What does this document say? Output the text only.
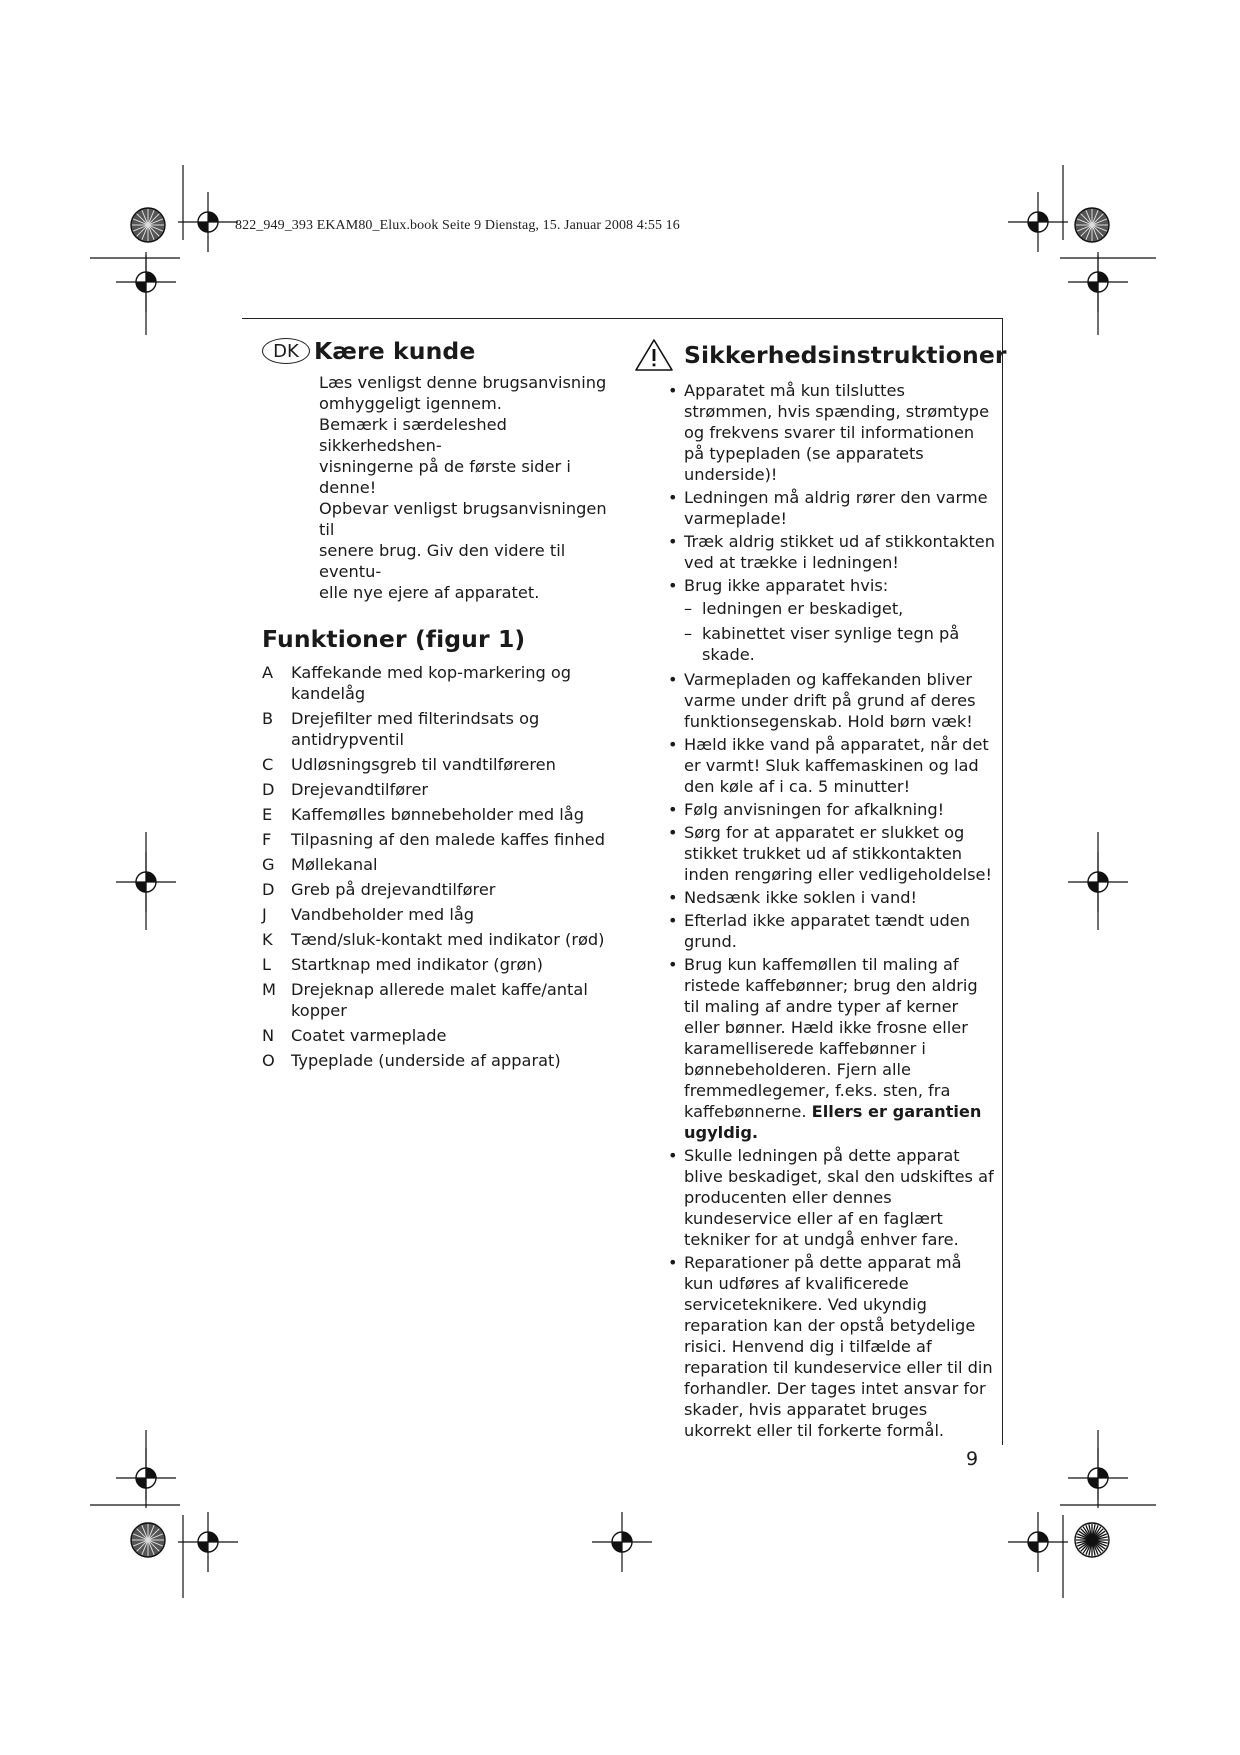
822_949_393 EKAM80_Elux.book Seite 9 Dienstag, 15. Januar 2008 4:55 16
DK Kære kunde

Læs venligst denne brugsanvisning

omhyggeligt igennem.

Bemærk i særdeleshed sikkerhedshen-

visningerne på de første sider i denne!

Opbevar venligst brugsanvisningen til

senere brug. Giv den videre til eventu-

elle nye ejere af apparatet.

Funktioner (figur 1)
A	Kaffekande med kop-markering og kandelåg
B	Drejefilter med filterindsats og antidrypventil
C	Udløsningsgreb til vandtilføreren
D	Drejevandtilfører
E	Kaffemølles bønnebeholder med låg
F	Tilpasning af den malede kaffes finhed
G	Møllekanal
D	Greb på drejevandtilfører
J	Vandbeholder med låg
K	Tænd/sluk-kontakt med indikator (rød)
L	Startknap med indikator (grøn)
M Drejeknap allerede malet kaffe/antal kopper
N	Coatet varmeplade
O	Typeplade (underside af apparat)
Sikkerhedsinstruktioner
• Apparatet må kun tilsluttes strømmen, hvis spænding, strømtype og frekvens svarer til informationen på typepladen (se apparatets underside)!
• Ledningen må aldrig rører den varme varmeplade!
• Træk aldrig stikket ud af stikkontakten ved at trække i ledningen!
• Brug ikke apparatet hvis:
– ledningen er beskadiget,
– kabinettet viser synlige tegn på skade.
• Varmepladen og kaffekanden bliver varme under drift på grund af deres funktionsegenskab. Hold børn væk!
• Hæld ikke vand på apparatet, når det er varmt! Sluk kaffemaskinen og lad den køle af i ca. 5 minutter!
• Følg anvisningen for afkalkning!
• Sørg for at apparatet er slukket og stikket trukket ud af stikkontakten inden rengøring eller vedligeholdelse!
• Nedsænk ikke soklen i vand!
• Efterlad ikke apparatet tændt uden grund.
• Brug kun kaffemøllen til maling af ristede kaffebønner; brug den aldrig til maling af andre typer af kerner eller bønner. Hæld ikke frosne eller karamelliserede kaffebønner i bønnebeholderen. Fjern alle fremmedlegemer, f.eks. sten, fra kaffebønnerne. Ellers er garantien ugyldig.
• Skulle ledningen på dette apparat blive beskadiget, skal den udskiftes af producenten eller dennes kundeservice eller af en faglært tekniker for at undgå enhver fare.
• Reparationer på dette apparat må kun udføres af kvalificerede serviceteknikere. Ved ukyndig reparation kan der opstå betydelige risici. Henvend dig i tilfælde af reparation til kundeservice eller til din forhandler. Der tages intet ansvar for skader, hvis apparatet bruges ukorrekt eller til forkerte formål.
9
